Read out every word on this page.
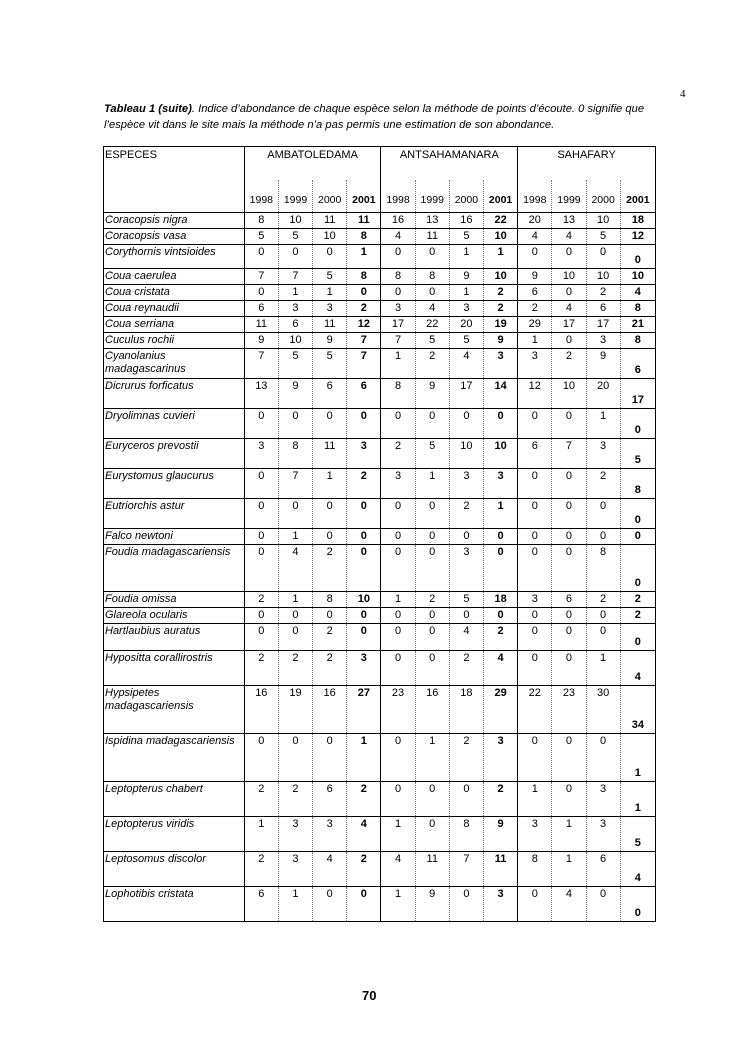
4
Tableau 1 (suite). Indice d’abondance de chaque espèce selon la méthode de points d’écoute. 0 signifie que l’espèce vit dans le site mais la méthode n’a pas permis une estimation de son abondance.
ESPECES	AMBATOLEDAMA				ANTSAHAMANARA				SAHAFARY			
	1998	1999	2000	2001	1998	1999	2000	2001	1998	1999	2000	2001
Coracopsis nigra	8	10	11	11	16	13	16	22	20	13	10	18
Coracopsis vasa	5	5	10	8	4	11	5	10	4	4	5	12
Corythornis vintsioides	0	0	0	1	0	0	1	1	0	0	0	0
Coua caerulea	7	7	5	8	8	8	9	10	9	10	10	10
Coua cristata	0	1	1	0	0	0	1	2	6	0	2	4
Coua reynaudii	6	3	3	2	3	4	3	2	2	4	6	8
Coua serriana	11	6	11	12	17	22	20	19	29	17	17	21
Cuculus rochii	9	10	9	7	7	5	5	9	1	0	3	8
Cyanolanius madagascarinus	7	5	5	7	1	2	4	3	3	2	9	6
Dicrurus forficatus	13	9	6	6	8	9	17	14	12	10	20	17
Dryolimnas cuvieri	0	0	0	0	0	0	0	0	0	0	1	0
Euryceros prevostii	3	8	11	3	2	5	10	10	6	7	3	5
Eurystomus glaucurus	0	7	1	2	3	1	3	3	0	0	2	8
Eutriorchis astur	0	0	0	0	0	0	2	1	0	0	0	0
Falco newtoni	0	1	0	0	0	0	0	0	0	0	0	0
Foudia madagascariensis	0	4	2	0	0	0	3	0	0	0	8	0
Foudia omissa	2	1	8	10	1	2	5	18	3	6	2	2
Glareola ocularis	0	0	0	0	0	0	0	0	0	0	0	2
Hartlaubius auratus	0	0	2	0	0	0	4	2	0	0	0	0
Hypositta corallirostris	2	2	2	3	0	0	2	4	0	0	1	4
Hypsipetes madagascariensis	16	19	16	27	23	16	18	29	22	23	30	34
Ispidina madagascariensis	0	0	0	1	0	1	2	3	0	0	0	1
Leptopterus chabert	2	2	6	2	0	0	0	2	1	0	3	1
Leptopterus viridis	1	3	3	4	1	0	8	9	3	1	3	5
Leptosomus discolor	2	3	4	2	4	11	7	11	8	1	6	4
Lophotibis cristata	6	1	0	0	1	9	0	3	0	4	0	0
70
